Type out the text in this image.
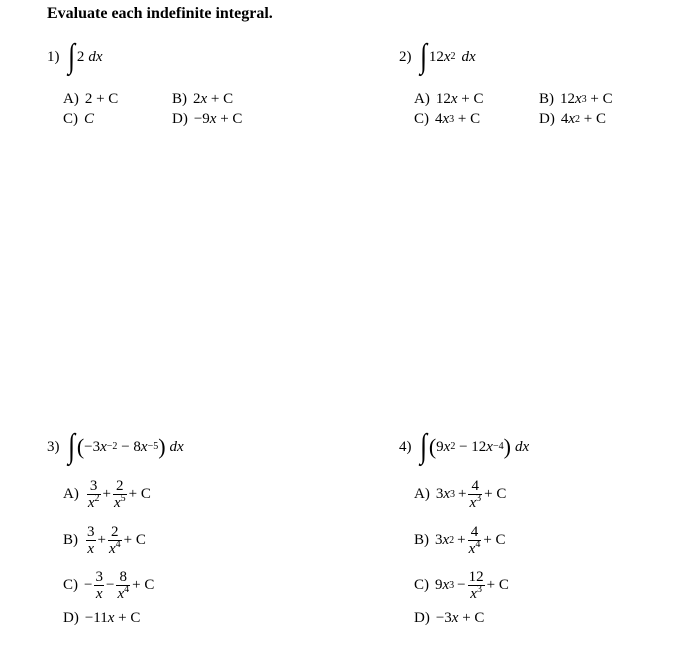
Evaluate each indefinite integral.
1) ∫ 2 dx
A) 2 + C	B) 2 x + C
C) C	D) −9 x + C
2) ∫ 12 x 2 dx
A) 12 x + C	B) 12 x 3 + C
C) 4 x 3 + C	D) 4 x 2 + C
3) ∫ ( −3 x −2 − 8 x −5 ) dx
$A) \frac{3}{x^2} + \frac{2}{x^5} + C$
$B) \frac{3}{x} + \frac{2}{x^4} + C$
$C) - \frac{3}{x} - \frac{8}{x^4} + C$
D) −11 x + C
4) ∫ ( 9 x 2 − 12 x −4 ) dx
A) 3 x $3 + \frac{4}{x^3} + C$
B) 3 x $2 + \frac{4}{x^4} + C$
C) 9 x $3 - \frac{12}{x^3} + C$
D) −3 x + C
